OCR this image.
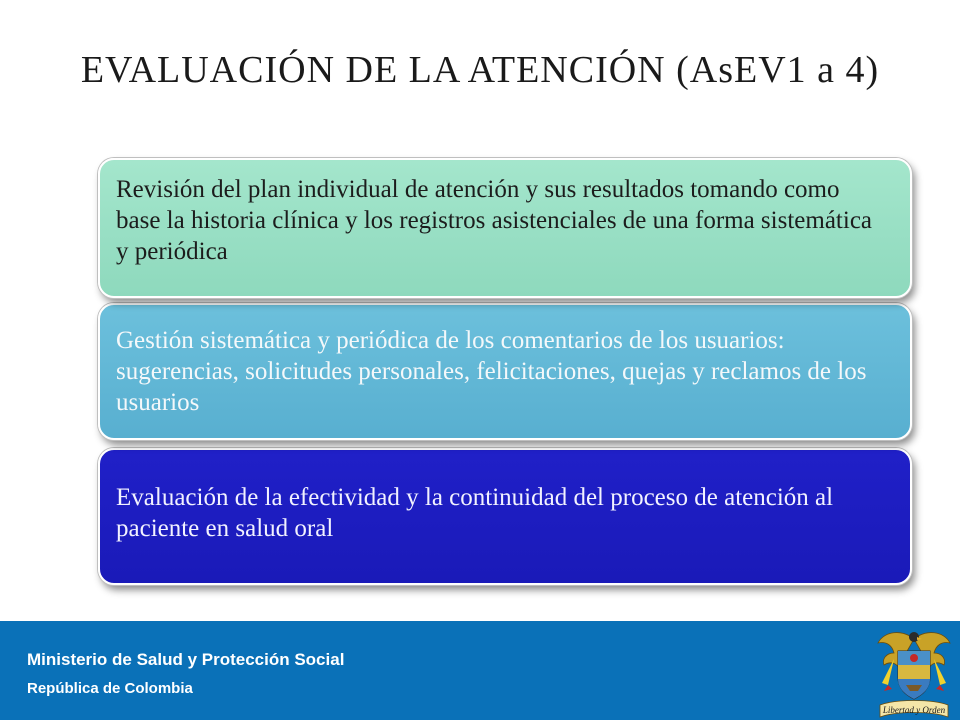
EVALUACIÓN DE LA ATENCIÓN (AsEV1 a 4)
Revisión del plan individual de atención y sus resultados tomando como base la historia clínica y los registros asistenciales de una forma sistemática y periódica
Gestión sistemática y periódica de los comentarios de los usuarios: sugerencias, solicitudes personales, felicitaciones, quejas y reclamos de los usuarios
Evaluación de la efectividad y la continuidad del proceso de atención al paciente en salud oral
Ministerio de Salud y Protección Social
República de Colombia
Libertad y Orden
